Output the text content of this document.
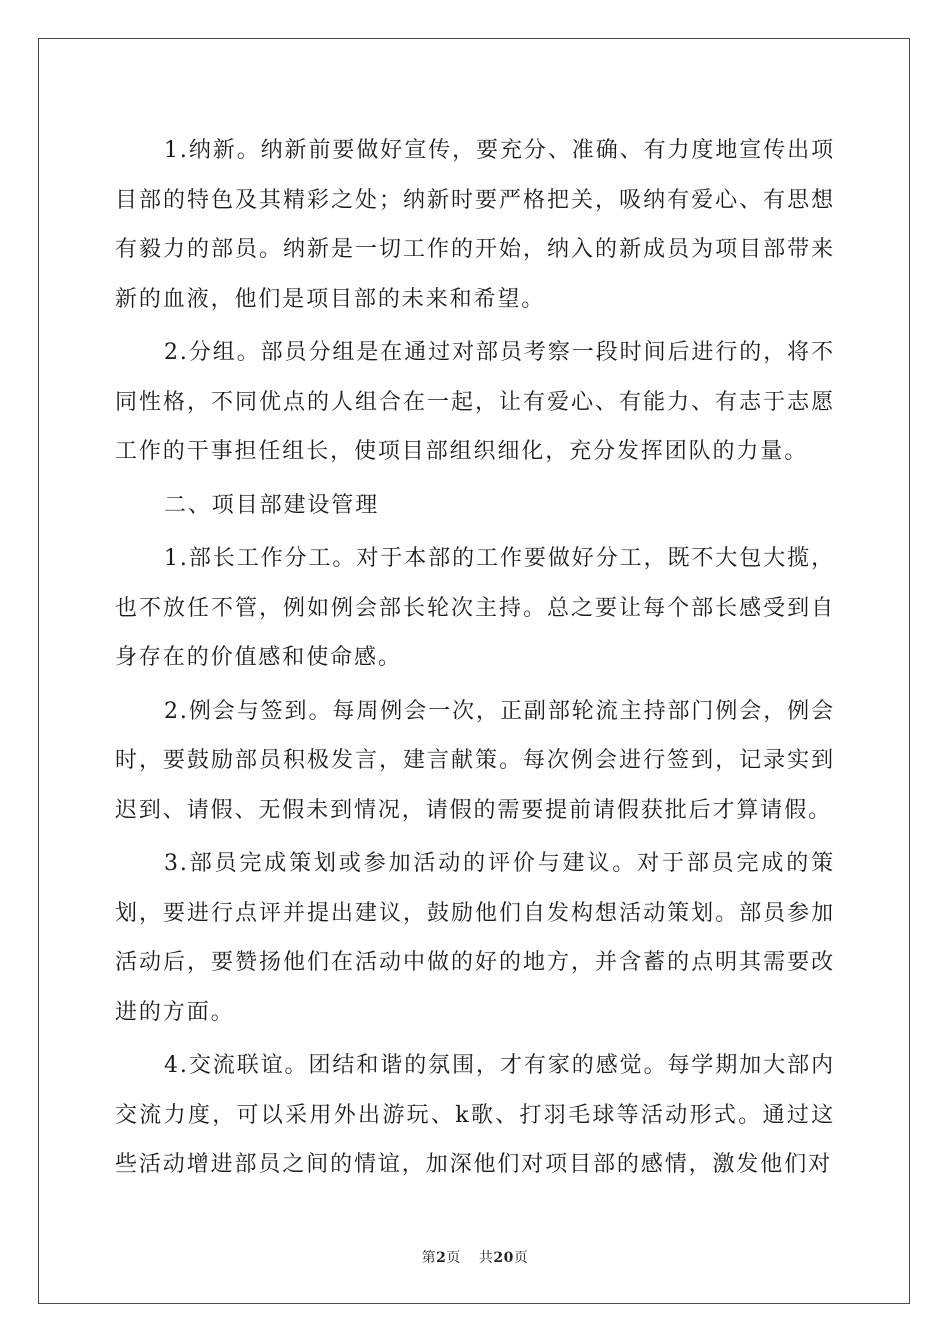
1.纳新。纳新前要做好宣传，要充分、准确、有力度地宣传出项目部的特色及其精彩之处；纳新时要严格把关，吸纳有爱心、有思想有毅力的部员。纳新是一切工作的开始，纳入的新成员为项目部带来新的血液，他们是项目部的未来和希望。

2.分组。部员分组是在通过对部员考察一段时间后进行的，将不同性格，不同优点的人组合在一起，让有爱心、有能力、有志于志愿工作的干事担任组长，使项目部组织细化，充分发挥团队的力量。

二、项目部建设管理

1.部长工作分工。对于本部的工作要做好分工，既不大包大揽，也不放任不管，例如例会部长轮次主持。总之要让每个部长感受到自身存在的价值感和使命感。

2.例会与签到。每周例会一次，正副部轮流主持部门例会，例会时，要鼓励部员积极发言，建言献策。每次例会进行签到，记录实到迟到、请假、无假未到情况，请假的需要提前请假获批后才算请假。

3.部员完成策划或参加活动的评价与建议。对于部员完成的策划，要进行点评并提出建议，鼓励他们自发构想活动策划。部员参加活动后，要赞扬他们在活动中做的好的地方，并含蓄的点明其需要改进的方面。

4.交流联谊。团结和谐的氛围，才有家的感觉。每学期加大部内交流力度，可以采用外出游玩、k歌、打羽毛球等活动形式。通过这些活动增进部员之间的情谊，加深他们对项目部的感情，激发他们对

第2页 共20页
